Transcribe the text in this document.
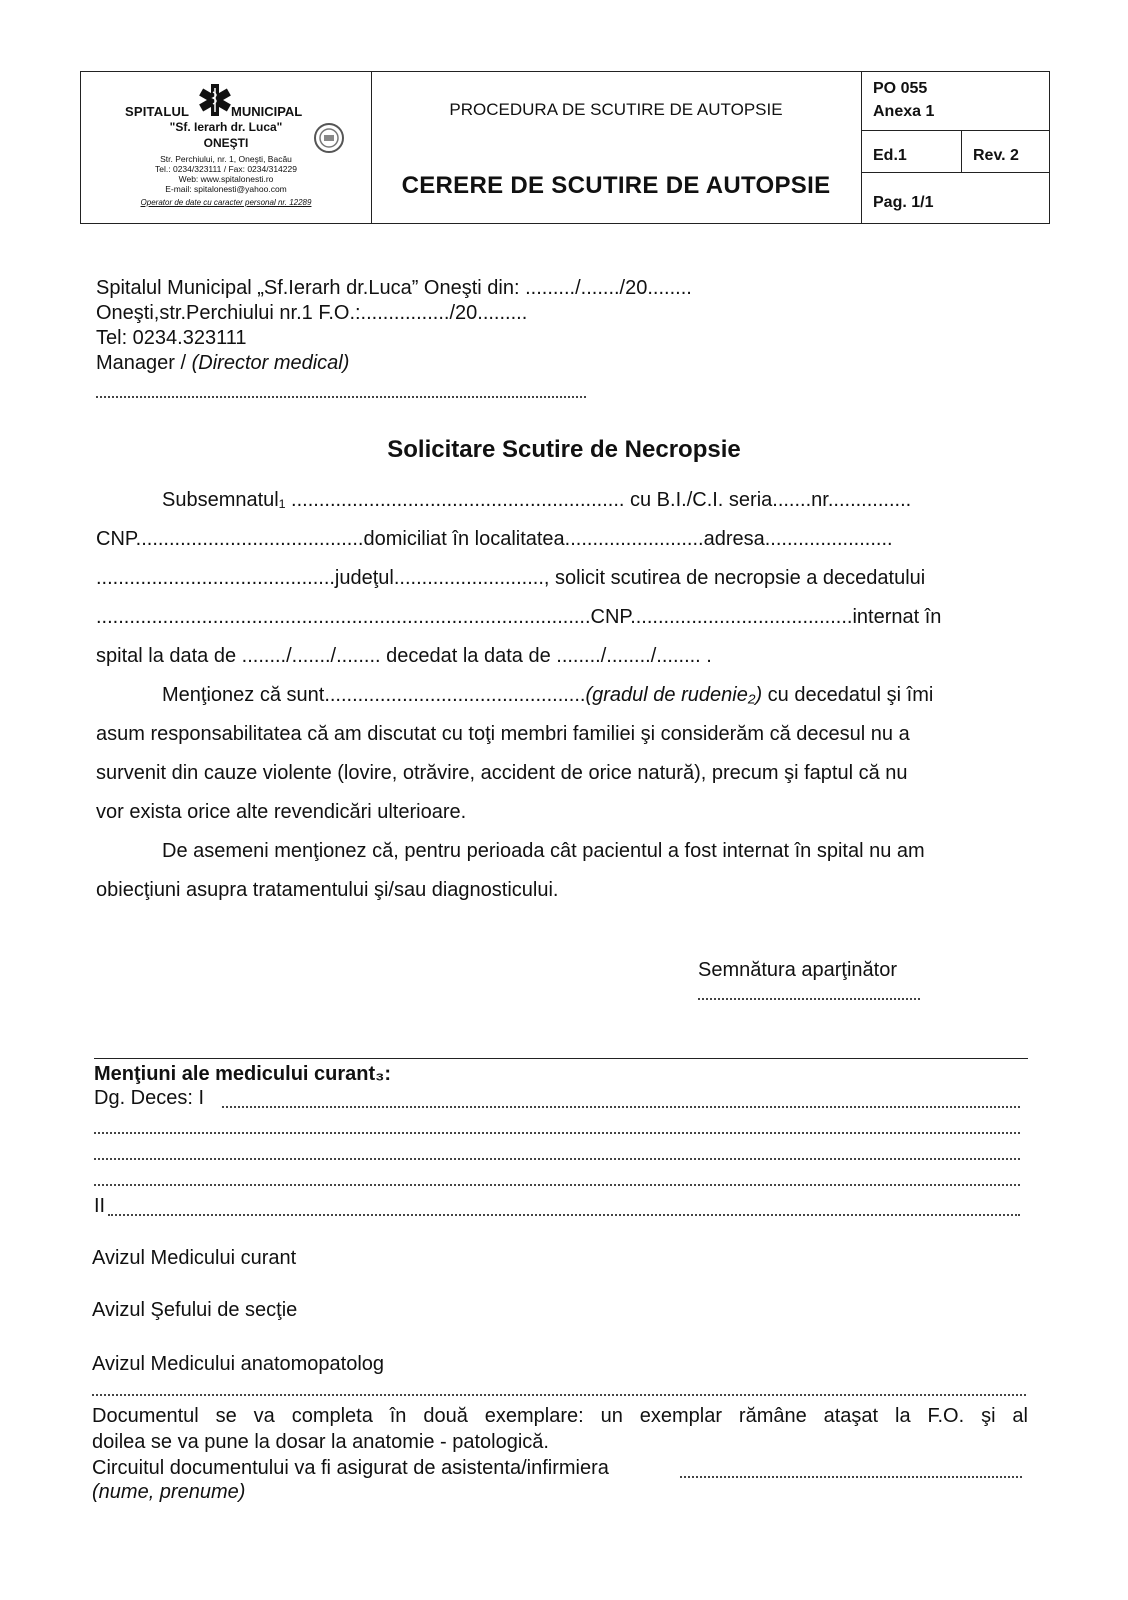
SPITALUL	MUNICIPAL
"Sf. Ierarh dr. Luca"
ONEŞTI
Str. Perchiului, nr. 1, Oneşti, Bacău
Tel.: 0234/323111 / Fax: 0234/314229
Web: www.spitalonesti.ro
E-mail: spitalonesti@yahoo.com
Operator de date cu caracter personal nr. 12289
PROCEDURA DE SCUTIRE DE AUTOPSIE
CERERE DE SCUTIRE DE AUTOPSIE
PO 055
Anexa 1
Ed.1	Rev. 2
Pag. 1/1
Spitalul Municipal „Sf.Ierarh dr.Luca” Oneşti din: ........./......./20........
Oneşti,str.Perchiului nr.1 F.O.:................/20.........
Tel: 0234.323111
Manager / (Director medical)
Solicitare Scutire de Necropsie
Subsemnatul₁ ............................................................ cu B.I./C.I. seria.......nr...............
CNP.........................................domiciliat în localitatea.........................adresa.......................
...........................................judeţul..........................., solicit scutirea de necropsie a decedatului
.........................................................................................CNP........................................internat în
spital la data de ......../......./........ decedat la data de ......../......../........ .
Menţionez că sunt...............................................(gradul de rudenie₂) cu decedatul şi îmi
asum responsabilitatea că am discutat cu toţi membri familiei şi considerăm că decesul nu a
survenit din cauze violente (lovire, otrăvire, accident de orice natură), precum şi faptul că nu
vor exista orice alte revendicări ulterioare.
De asemeni menţionez că, pentru perioada cât pacientul a fost internat în spital nu am
obiecţiuni asupra tratamentului şi/sau diagnosticului.
Semnătura aparţinător
Menţiuni ale medicului curant₃:
Dg. Deces: I
II
Avizul Medicului curant
Avizul Şefului de secţie
Avizul Medicului anatomopatolog
Documentul se va completa în două exemplare: un exemplar rămâne ataşat la F.O. şi al
doilea se va pune la dosar la anatomie - patologică.
Circuitul documentului va fi asigurat de asistenta/infirmiera
(nume, prenume)
